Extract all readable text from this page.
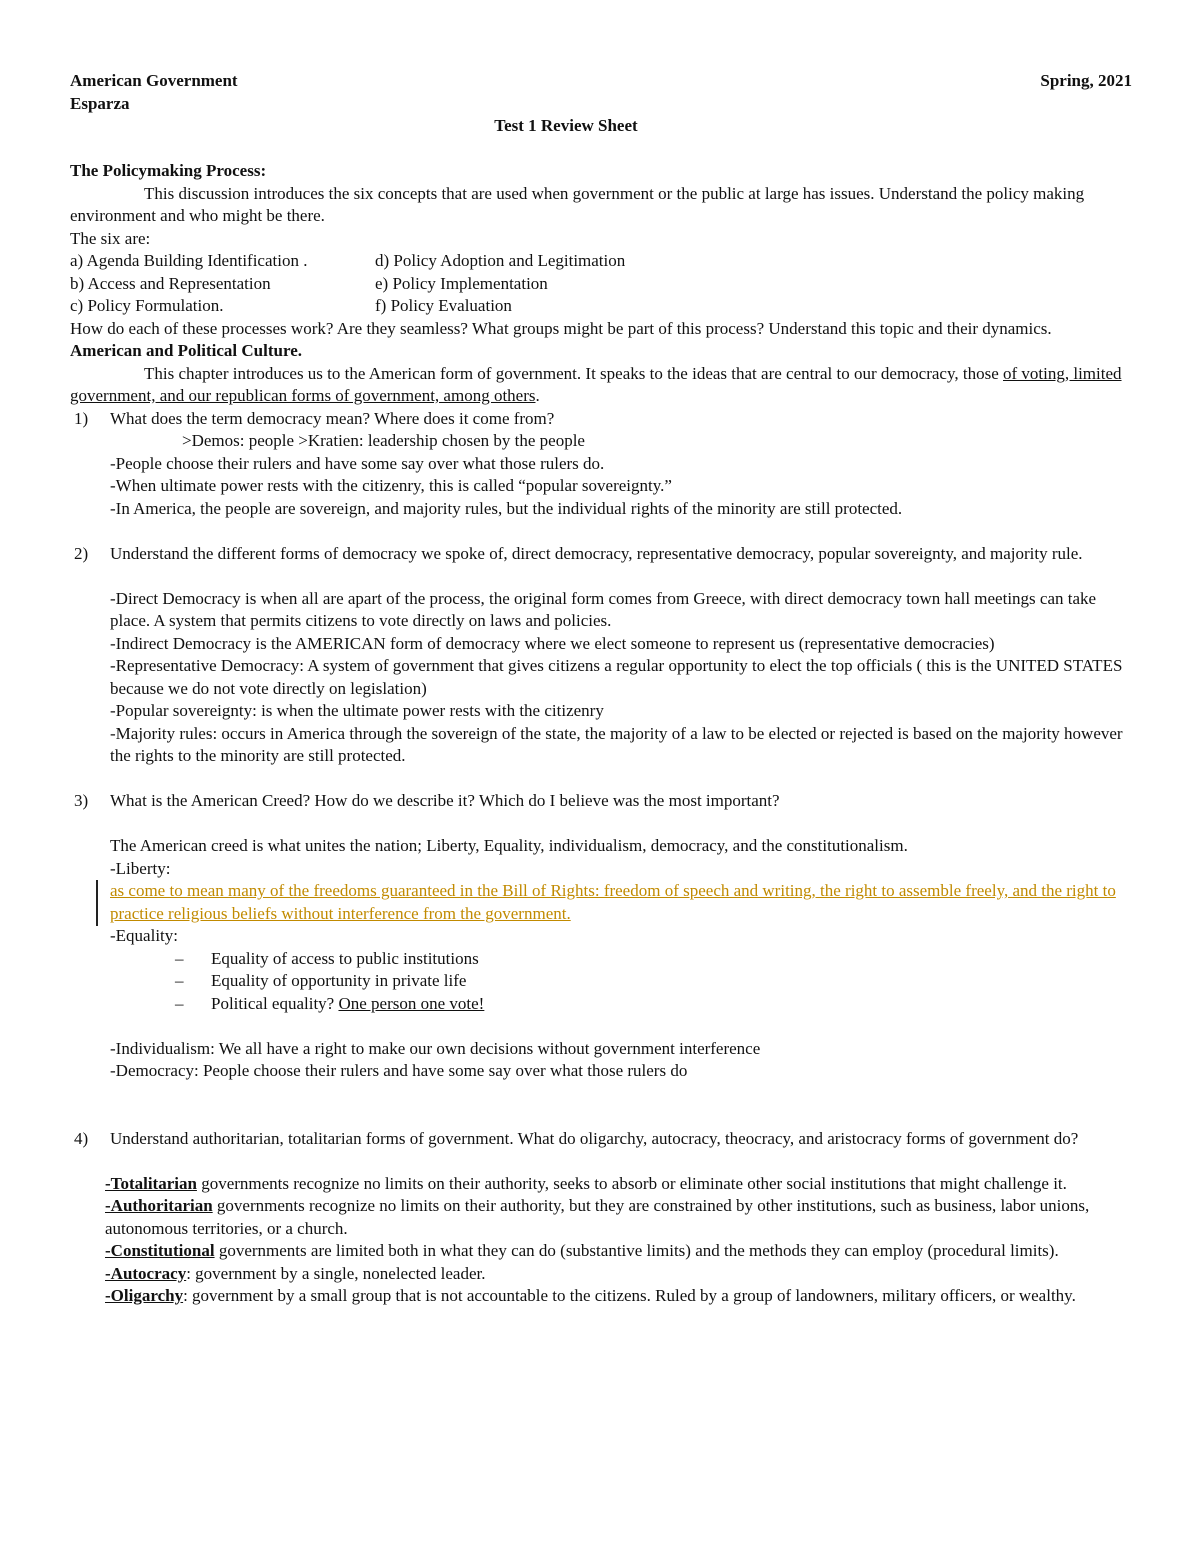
American Government	Spring, 2021
Esparza
Test 1 Review Sheet
The Policymaking Process:
This discussion introduces the six concepts that are used when government or the public at large has issues. Understand the policy making environment and who might be there.
The six are:
a) Agenda Building Identification .	d) Policy Adoption and Legitimation
b) Access and Representation	e) Policy Implementation
c) Policy Formulation.	f) Policy Evaluation
How do each of these processes work? Are they seamless? What groups might be part of this process? Understand this topic and their dynamics.
American and Political Culture.
This chapter introduces us to the American form of government. It speaks to the ideas that are central to our democracy, those of voting, limited government, and our republican forms of government, among others.
1)	What does the term democracy mean? Where does it come from?
>Demos: people >Kratien: leadership chosen by the people
-People choose their rulers and have some say over what those rulers do.
-When ultimate power rests with the citizenry, this is called “popular sovereignty.”
-In America, the people are sovereign, and majority rules, but the individual rights of the minority are still protected.
2)	Understand the different forms of democracy we spoke of, direct democracy, representative democracy, popular sovereignty, and majority rule.
-Direct Democracy is when all are apart of the process, the original form comes from Greece, with direct democracy town hall meetings can take place. A system that permits citizens to vote directly on laws and policies.
-Indirect Democracy is the AMERICAN form of democracy where we elect someone to represent us (representative democracies)
-Representative Democracy: A system of government that gives citizens a regular opportunity to elect the top officials ( this is the UNITED STATES because we do not vote directly on legislation)
-Popular sovereignty: is when the ultimate power rests with the citizenry
-Majority rules: occurs in America through the sovereign of the state, the majority of a law to be elected or rejected is based on the majority however the rights to the minority are still protected.
3)	What is the American Creed? How do we describe it? Which do I believe was the most important?
The American creed is what unites the nation; Liberty, Equality, individualism, democracy, and the constitutionalism.
-Liberty:
as come to mean many of the freedoms guaranteed in the Bill of Rights: freedom of speech and writing, the right to assemble freely, and the right to practice religious beliefs without interference from the government.
-Equality:
–	Equality of access to public institutions
–	Equality of opportunity in private life
–	Political equality? One person one vote!
-Individualism: We all have a right to make our own decisions without government interference
-Democracy: People choose their rulers and have some say over what those rulers do
4)	Understand authoritarian, totalitarian forms of government. What do oligarchy, autocracy, theocracy, and aristocracy forms of government do?
-Totalitarian governments recognize no limits on their authority, seeks to absorb or eliminate other social institutions that might challenge it.
-Authoritarian governments recognize no limits on their authority, but they are constrained by other institutions, such as business, labor unions, autonomous territories, or a church.
-Constitutional governments are limited both in what they can do (substantive limits) and the methods they can employ (procedural limits).
-Autocracy: government by a single, nonelected leader.
-Oligarchy: government by a small group that is not accountable to the citizens. Ruled by a group of landowners, military officers, or wealthy.
